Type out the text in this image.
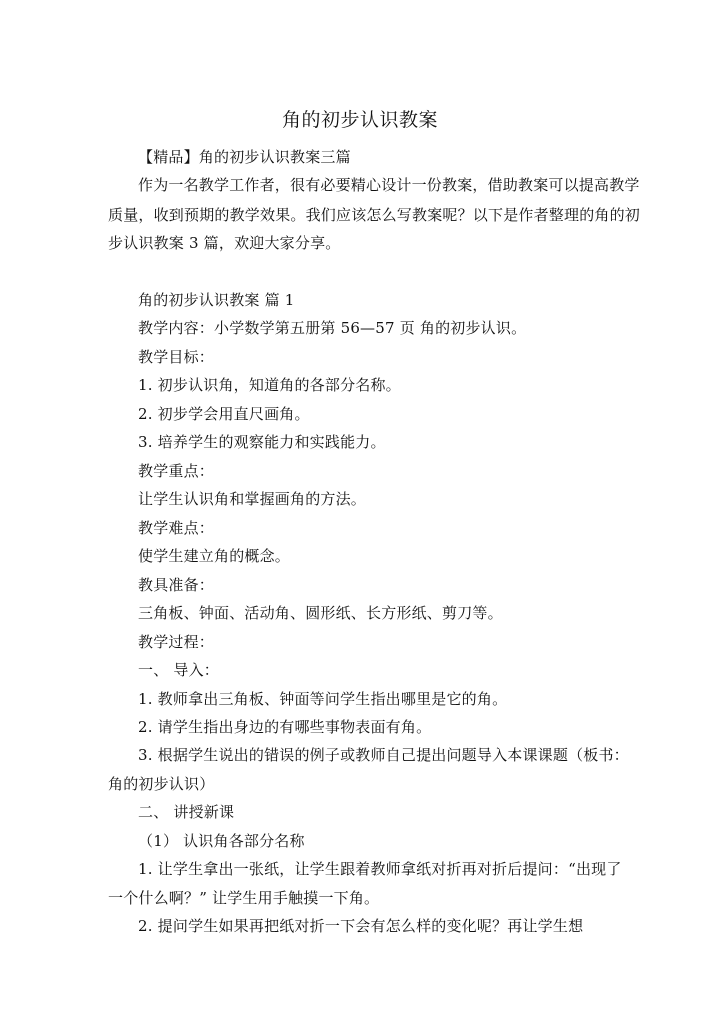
角的初步认识教案
【精品】角的初步认识教案三篇
作为一名教学工作者，很有必要精心设计一份教案，借助教案可以提高教学
质量，收到预期的教学效果。我们应该怎么写教案呢？以下是作者整理的角的初
步认识教案 3 篇，欢迎大家分享。
角的初步认识教案 篇 1
教学内容：小学数学第五册第 56—57 页 角的初步认识。
教学目标：
1. 初步认识角，知道角的各部分名称。
2. 初步学会用直尺画角。
3. 培养学生的观察能力和实践能力。
教学重点：
让学生认识角和掌握画角的方法。
教学难点：
使学生建立角的概念。
教具准备：
三角板、钟面、活动角、圆形纸、长方形纸、剪刀等。
教学过程：
一、 导入：
1. 教师拿出三角板、钟面等问学生指出哪里是它的角。
2. 请学生指出身边的有哪些事物表面有角。
3. 根据学生说出的错误的例子或教师自己提出问题导入本课课题（板书：
角的初步认识）
二、 讲授新课
（1） 认识角各部分名称
1. 让学生拿出一张纸，让学生跟着教师拿纸对折再对折后提问：“出现了
一个什么啊？” 让学生用手触摸一下角。
2. 提问学生如果再把纸对折一下会有怎么样的变化呢？再让学生想
